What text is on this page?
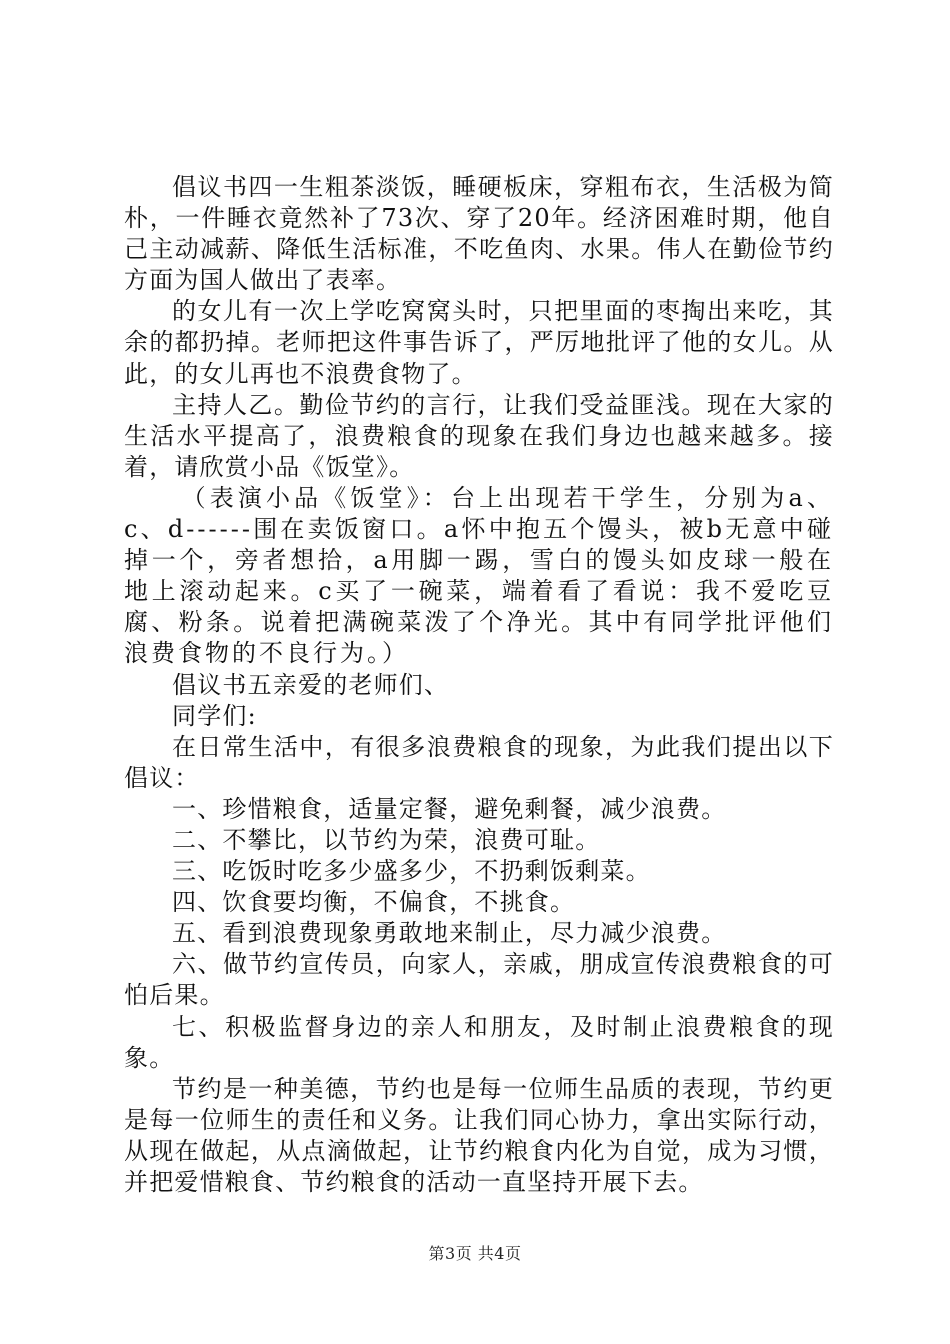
倡议书四一生粗茶淡饭，睡硬板床，穿粗布衣，生活极为简朴，一件睡衣竟然补了73次、穿了20年。经济困难时期，他自己主动减薪、降低生活标准，不吃鱼肉、水果。伟人在勤俭节约方面为国人做出了表率。

的女儿有一次上学吃窝窝头时，只把里面的枣掏出来吃，其余的都扔掉。老师把这件事告诉了，严厉地批评了他的女儿。从此，的女儿再也不浪费食物了。

主持人乙。勤俭节约的言行，让我们受益匪浅。现在大家的生活水平提高了，浪费粮食的现象在我们身边也越来越多。接着，请欣赏小品《饭堂》。

（表演小品《饭堂》：台上出现若干学生，分别为a、c、d------围在卖饭窗口。a怀中抱五个馒头，被b无意中碰掉一个，旁者想拾，a用脚一踢，雪白的馒头如皮球一般在地上滚动起来。c买了一碗菜，端着看了看说：我不爱吃豆腐、粉条。说着把满碗菜泼了个净光。其中有同学批评他们浪费食物的不良行为。）

倡议书五亲爱的老师们、

同学们:

在日常生活中，有很多浪费粮食的现象，为此我们提出以下倡议：

一、珍惜粮食，适量定餐，避免剩餐，减少浪费。

二、不攀比，以节约为荣，浪费可耻。

三、吃饭时吃多少盛多少，不扔剩饭剩菜。

四、饮食要均衡，不偏食，不挑食。

五、看到浪费现象勇敢地来制止，尽力减少浪费。

六、做节约宣传员，向家人，亲戚，朋成宣传浪费粮食的可怕后果。

七、积极监督身边的亲人和朋友，及时制止浪费粮食的现象。

节约是一种美德，节约也是每一位师生品质的表现，节约更是每一位师生的责任和义务。让我们同心协力，拿出实际行动，从现在做起，从点滴做起，让节约粮食内化为自觉，成为习惯，并把爱惜粮食、节约粮食的活动一直坚持开展下去。

第3页 共4页
